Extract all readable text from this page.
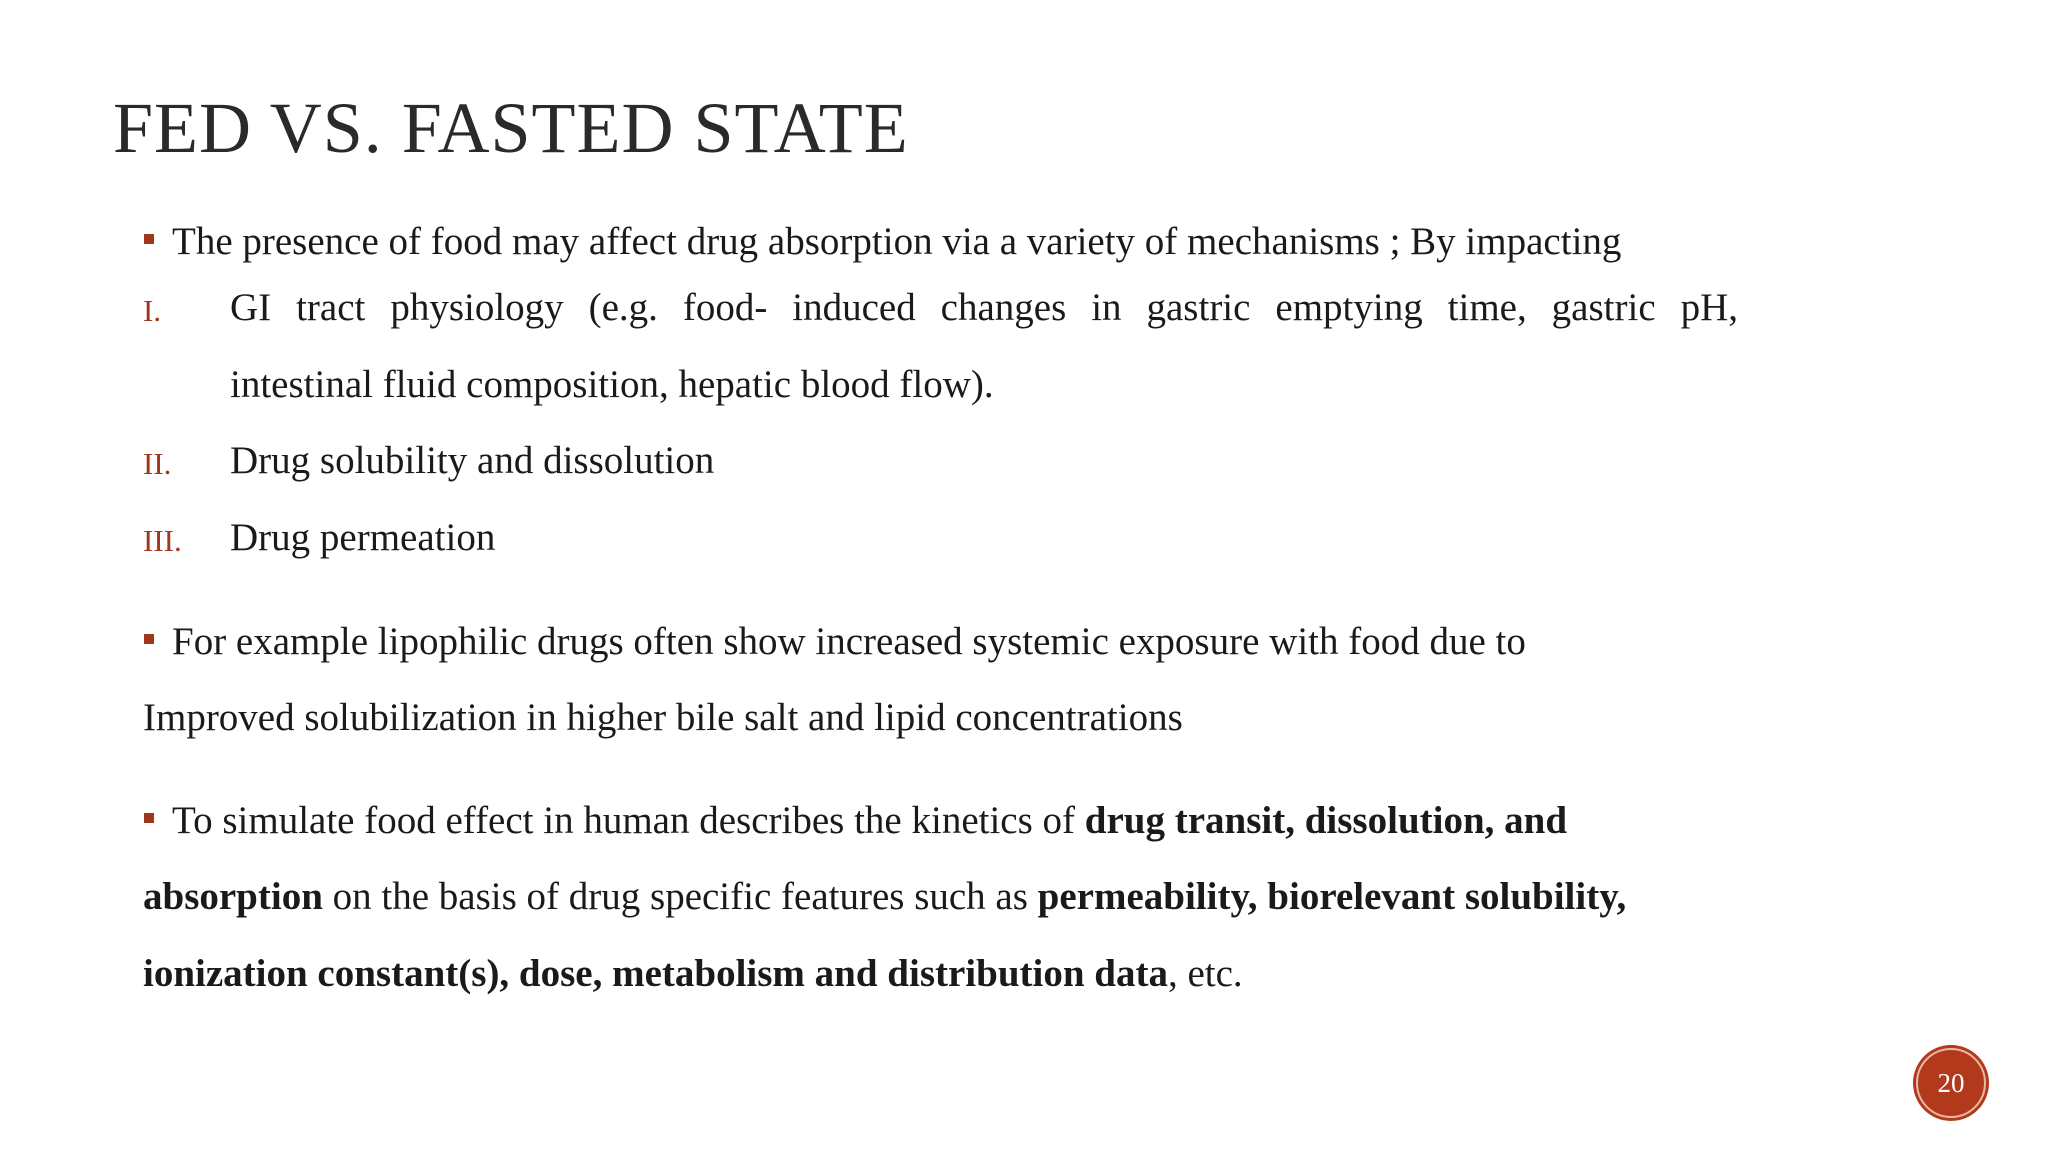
FED VS. FASTED STATE
The presence of food may affect drug absorption via a variety of mechanisms ; By impacting
I. GI tract physiology (e.g. food- induced changes in gastric emptying time, gastric pH,
intestinal fluid composition, hepatic blood flow).
II. Drug solubility and dissolution
III. Drug permeation
For example lipophilic drugs often show increased systemic exposure with food due to
Improved solubilization in higher bile salt and lipid concentrations
To simulate food effect in human describes the kinetics of drug transit, dissolution, and
absorption on the basis of drug specific features such as permeability, biorelevant solubility,
ionization constant(s), dose, metabolism and distribution data, etc.
20
